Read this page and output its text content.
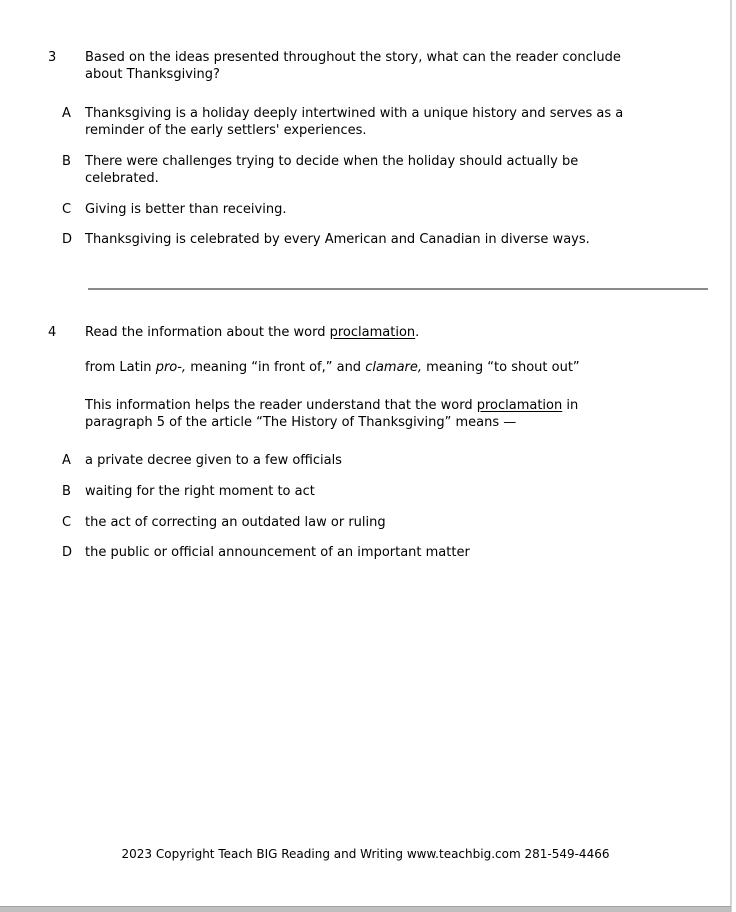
3	Based on the ideas presented throughout the story, what can the reader conclude
about Thanksgiving?
A	Thanksgiving is a holiday deeply intertwined with a unique history and serves as a
reminder of the early settlers' experiences.
B	There were challenges trying to decide when the holiday should actually be
celebrated.
C	Giving is better than receiving.
D Thanksgiving is celebrated by every American and Canadian in diverse ways.
4	Read the information about the word proclamation.

from Latin pro-, meaning “in front of,” and clamare, meaning “to shout out”

This information helps the reader understand that the word proclamation in
paragraph 5 of the article “The History of Thanksgiving” means —

A	a private decree given to a few officials
B	waiting for the right moment to act
C	the act of correcting an outdated law or ruling
D the public or official announcement of an important matter
2023 Copyright Teach BIG Reading and Writing www.teachbig.com 281-549-4466
